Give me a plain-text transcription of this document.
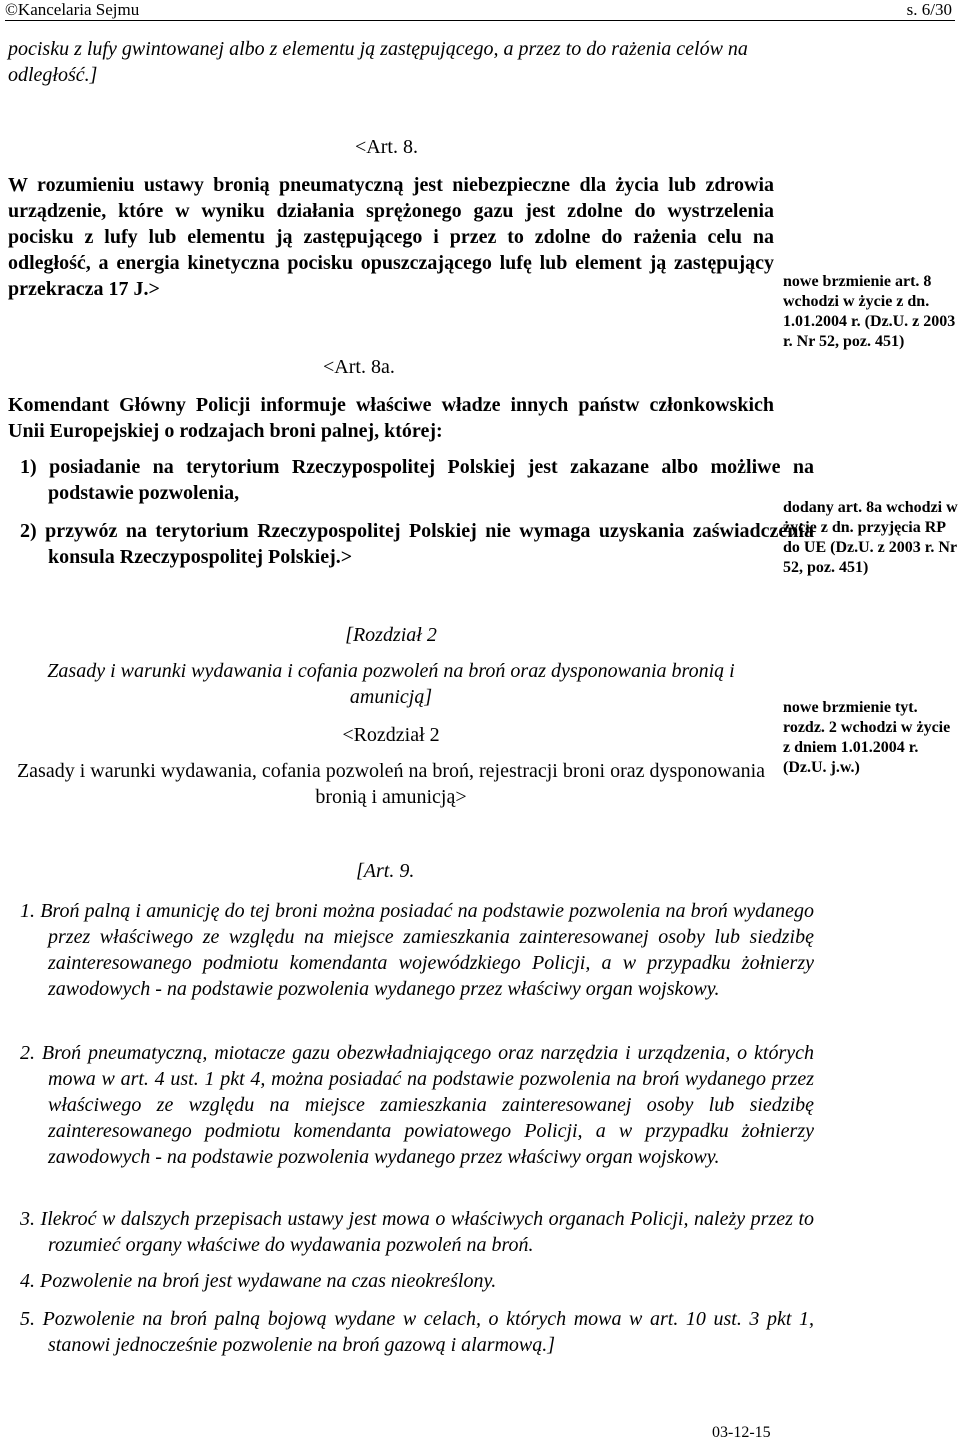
©Kancelaria Sejmu	s. 6/30

pocisku z lufy gwintowanej albo z elementu ją zastępującego, a przez to do rażenia celów na odległość.]

<Art. 8.

W rozumieniu ustawy bronią pneumatyczną jest niebezpieczne dla życia lub zdrowia urządzenie, które w wyniku działania sprężonego gazu jest zdolne do wystrzelenia pocisku z lufy lub elementu ją zastępującego i przez to zdolne do rażenia celu na odległość, a energia kinetyczna pocisku opuszczającego lufę lub element ją zastępujący przekracza 17 J.>

<Art. 8a.

Komendant Główny Policji informuje właściwe władze innych państw członkowskich Unii Europejskiej o rodzajach broni palnej, której:

1) posiadanie na terytorium Rzeczypospolitej Polskiej jest zakazane albo możliwe na podstawie pozwolenia,

2) przywóz na terytorium Rzeczypospolitej Polskiej nie wymaga uzyskania zaświadczenia konsula Rzeczypospolitej Polskiej.>

[Rozdział 2

Zasady i warunki wydawania i cofania pozwoleń na broń oraz dysponowania bronią i amunicją]

<Rozdział 2

Zasady i warunki wydawania, cofania pozwoleń na broń, rejestracji broni oraz dysponowania bronią i amunicją>

[Art. 9.

1. Broń palną i amunicję do tej broni można posiadać na podstawie pozwolenia na broń wydanego przez właściwego ze względu na miejsce zamieszkania zainteresowanej osoby lub siedzibę zainteresowanego podmiotu komendanta wojewódzkiego Policji, a w przypadku żołnierzy zawodowych - na podstawie pozwolenia wydanego przez właściwy organ wojskowy.

2. Broń pneumatyczną, miotacze gazu obezwładniającego oraz narzędzia i urządzenia, o których mowa w art. 4 ust. 1 pkt 4, można posiadać na podstawie pozwolenia na broń wydanego przez właściwego ze względu na miejsce zamieszkania zainteresowanej osoby lub siedzibę zainteresowanego podmiotu komendanta powiatowego Policji, a w przypadku żołnierzy zawodowych - na podstawie pozwolenia wydanego przez właściwy organ wojskowy.

3. Ilekroć w dalszych przepisach ustawy jest mowa o właściwych organach Policji, należy przez to rozumieć organy właściwe do wydawania pozwoleń na broń.

4. Pozwolenie na broń jest wydawane na czas nieokreślony.

5. Pozwolenie na broń palną bojową wydane w celach, o których mowa w art. 10 ust. 3 pkt 1, stanowi jednocześnie pozwolenie na broń gazową i alarmową.]

nowe brzmienie art. 8 wchodzi w życie z dn. 1.01.2004 r. (Dz.U. z 2003 r. Nr 52, poz. 451)

dodany art. 8a wchodzi w życie z dn. przyjęcia RP do UE (Dz.U. z 2003 r. Nr 52, poz. 451)

nowe brzmienie tyt. rozdz. 2 wchodzi w życie z dniem 1.01.2004 r. (Dz.U. j.w.)

03-12-15
